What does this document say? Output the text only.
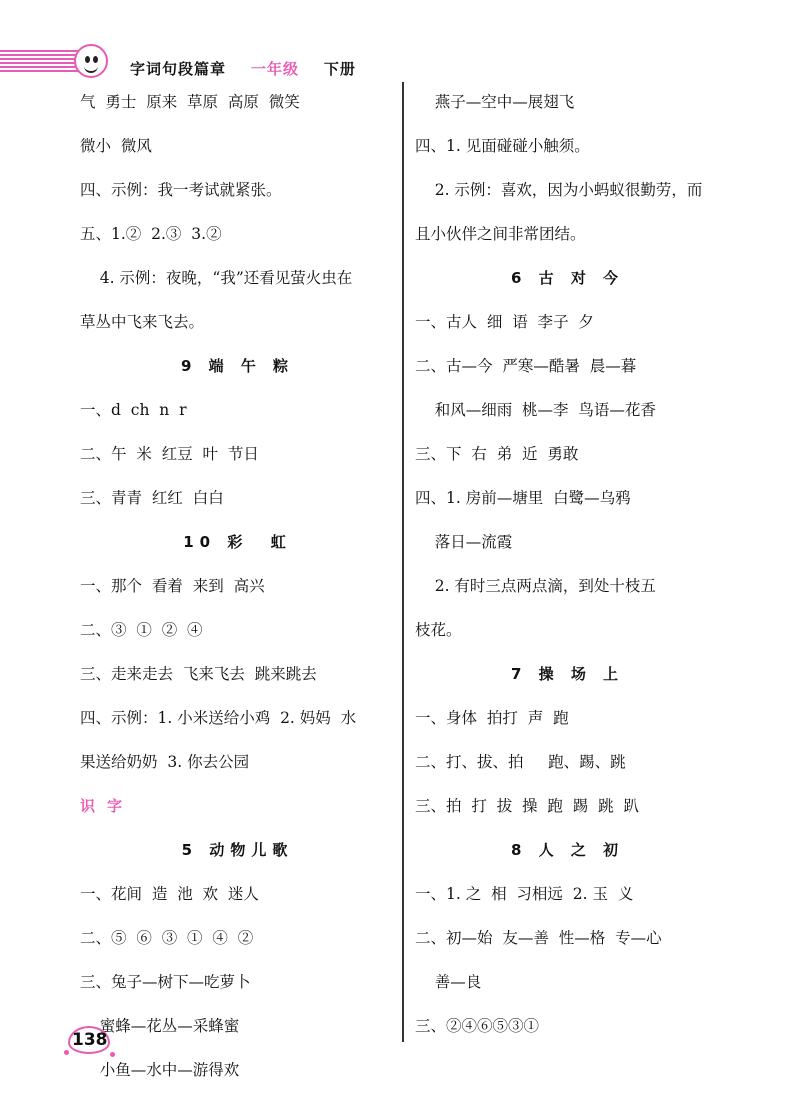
字词句段篇章 一年级 下册
气  勇士  原来  草原  高原  微笑
微小  微风
四、示例：我一考试就紧张。
五、1.②  2.③  3.②
4. 示例：夜晚，“我”还看见萤火虫在
草丛中飞来飞去。
9 端 午 粽
一、d  ch  n  r
二、午  米  红豆  叶  节日
三、青青  红红  白白
10 彩  虹
一、那个  看着  来到  高兴
二、③  ①  ②  ④
三、走来走去  飞来飞去  跳来跳去
四、示例：1. 小米送给小鸡  2. 妈妈  水
果送给奶奶  3. 你去公园
识字
5 动物儿歌
一、花间  造  池  欢  迷人
二、⑤  ⑥  ③  ①  ④  ②
三、兔子—树下—吃萝卜
蜜蜂—花丛—采蜂蜜
小鱼—水中—游得欢
燕子—空中—展翅飞
四、1. 见面碰碰小触须。
2. 示例：喜欢，因为小蚂蚁很勤劳，而
且小伙伴之间非常团结。
6 古 对 今
一、古人  细  语  李子  夕
二、古—今  严寒—酷暑  晨—暮
和风—细雨  桃—李  鸟语—花香
三、下  右  弟  近  勇敢
四、1. 房前—塘里  白鹭—乌鸦
落日—流霞
2. 有时三点两点滴，到处十枝五
枝花。
7 操 场 上
一、身体  拍打  声  跑
二、打、拔、拍     跑、踢、跳
三、拍  打  拔  操  跑  踢  跳  趴
8 人 之 初
一、1. 之  相  习相远  2. 玉  义
二、初—始  友—善  性—格  专—心
善—良
三、②④⑥⑤③①
138
